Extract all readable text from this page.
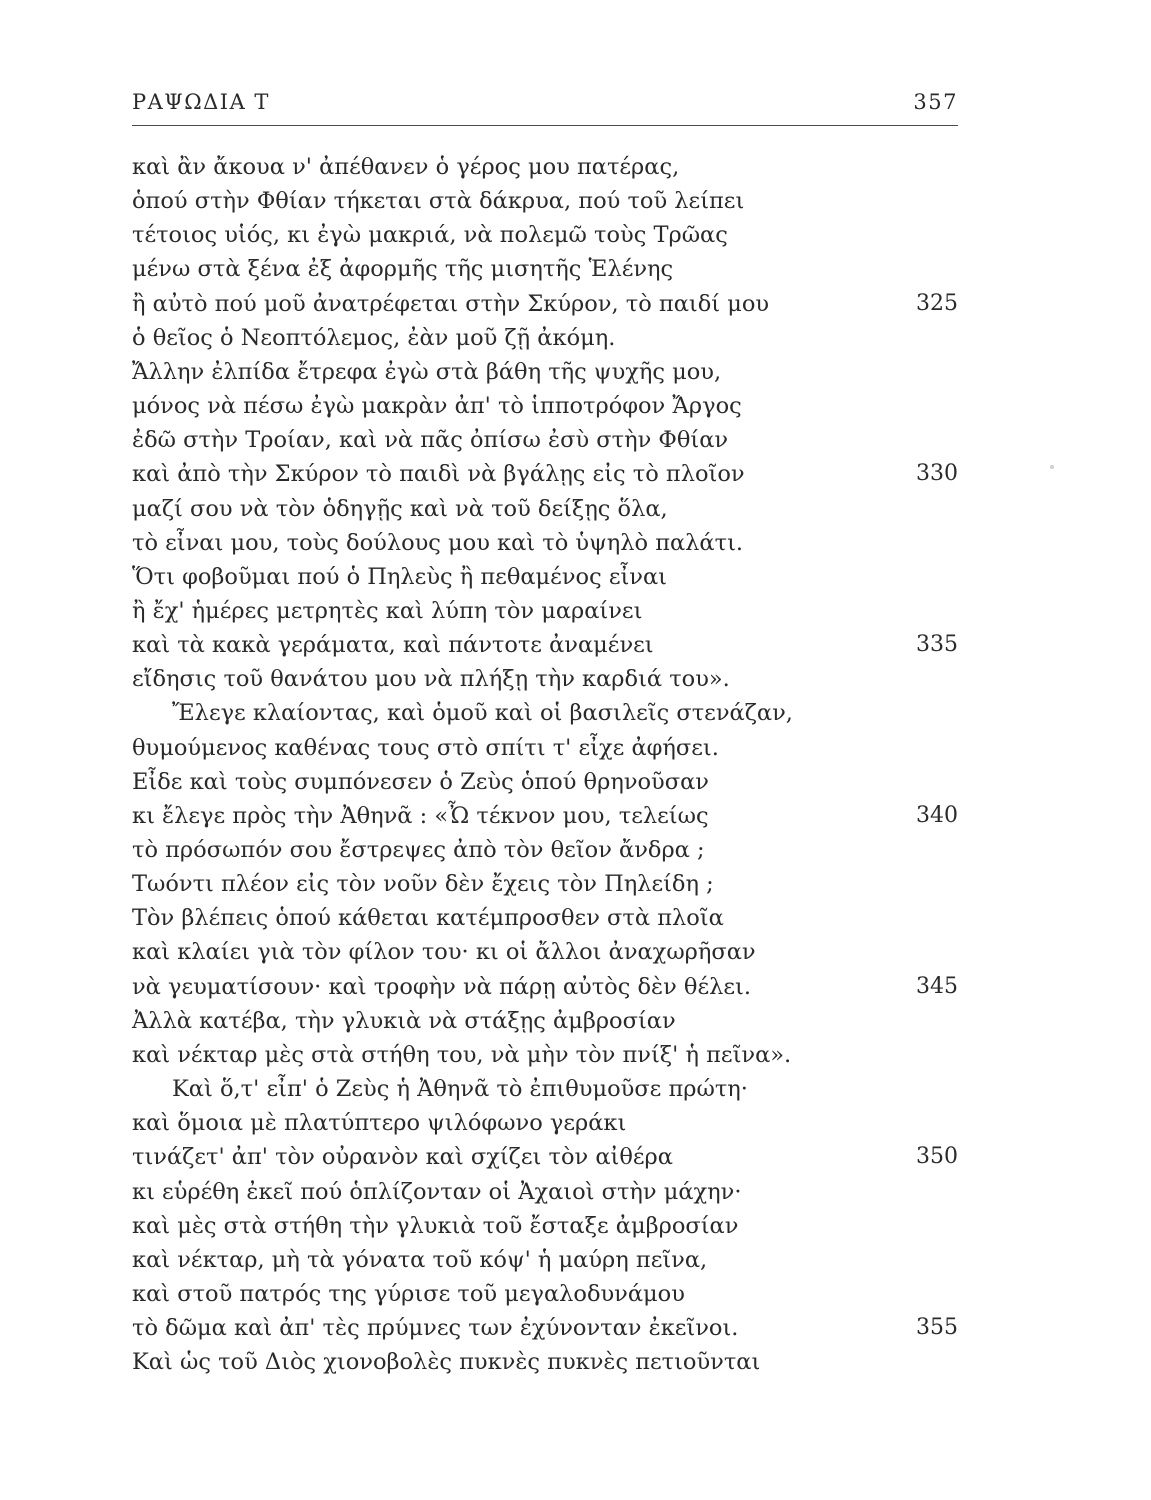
ΡΑΨΩΔΙΑ Τ	357
καὶ ἂν ἄκουα ν' ἀπέθανεν ὁ γέρος μου πατέρας,
ὁπού στὴν Φθίαν τήκεται στὰ δάκρυα, πού τοῦ λείπει
τέτοιος υἱός, κι ἐγὼ μακριά, νὰ πολεμῶ τοὺς Τρῶας
μένω στὰ ξένα ἐξ ἀφορμῆς τῆς μισητῆς Ἑλένης
ἢ αὐτὸ πού μοῦ ἀνατρέφεται στὴν Σκύρον, τὸ παιδί μου	325
ὁ θεῖος ὁ Νεοπτόλεμος, ἐὰν μοῦ ζῇ ἀκόμη.
Ἄλλην ἐλπίδα ἔτρεφα ἐγὼ στὰ βάθη τῆς ψυχῆς μου,
μόνος νὰ πέσω ἐγὼ μακρὰν ἀπ' τὸ ἱπποτρόφον Ἄργος
ἐδῶ στὴν Τροίαν, καὶ νὰ πᾶς ὀπίσω ἐσὺ στὴν Φθίαν
καὶ ἀπὸ τὴν Σκύρον τὸ παιδὶ νὰ βγάλῃς εἰς τὸ πλοῖον	330
μαζί σου νὰ τὸν ὁδηγῇς καὶ νὰ τοῦ δείξῃς ὅλα,
τὸ εἶναι μου, τοὺς δούλους μου καὶ τὸ ὑψηλὸ παλάτι.
Ὅτι φοβοῦμαι πού ὁ Πηλεὺς ἢ πεθαμένος εἶναι
ἢ ἔχ' ἡμέρες μετρητὲς καὶ λύπη τὸν μαραίνει
καὶ τὰ κακὰ γεράματα, καὶ πάντοτε ἀναμένει	335
εἴδησις τοῦ θανάτου μου νὰ πλήξῃ τὴν καρδιά του».
Ἔλεγε κλαίοντας, καὶ ὁμοῦ καὶ οἱ βασιλεῖς στενάζαν,
θυμούμενος καθένας τους στὸ σπίτι τ' εἶχε ἀφήσει.
Εἶδε καὶ τοὺς συμπόνεσεν ὁ Ζεὺς ὁπού θρηνοῦσαν
κι ἔλεγε πρὸς τὴν Ἀθηνᾶ : «Ὦ τέκνον μου, τελείως	340
τὸ πρόσωπόν σου ἔστρεψες ἀπὸ τὸν θεῖον ἄνδρα ;
Τωόντι πλέον εἰς τὸν νοῦν δὲν ἔχεις τὸν Πηλείδη ;
Τὸν βλέπεις ὁπού κάθεται κατέμπροσθεν στὰ πλοῖα
καὶ κλαίει γιὰ τὸν φίλον του· κι οἱ ἄλλοι ἀναχωρῆσαν
νὰ γευματίσουν· καὶ τροφὴν νὰ πάρῃ αὐτὸς δὲν θέλει.	345
Ἀλλὰ κατέβα, τὴν γλυκιὰ νὰ στάξῃς ἀμβροσίαν
καὶ νέκταρ μὲς στὰ στήθη του, νὰ μὴν τὸν πνίξ' ἡ πεῖνα».
Καὶ ὅ,τ' εἶπ' ὁ Ζεὺς ἡ Ἀθηνᾶ τὸ ἐπιθυμοῦσε πρώτη·
καὶ ὅμοια μὲ πλατύπτερο ψιλόφωνο γεράκι
τινάζετ' ἀπ' τὸν οὐρανὸν καὶ σχίζει τὸν αἰθέρα	350
κι εὑρέθη ἐκεῖ πού ὁπλίζονταν οἱ Ἀχαιοὶ στὴν μάχην·
καὶ μὲς στὰ στήθη τὴν γλυκιὰ τοῦ ἔσταξε ἀμβροσίαν
καὶ νέκταρ, μὴ τὰ γόνατα τοῦ κόψ' ἡ μαύρη πεῖνα,
καὶ στοῦ πατρός της γύρισε τοῦ μεγαλοδυνάμου
τὸ δῶμα καὶ ἀπ' τὲς πρύμνες των ἐχύνονταν ἐκεῖνοι.	355
Καὶ ὡς τοῦ Διὸς χιονοβολὲς πυκνὲς πυκνὲς πετιοῦνται
